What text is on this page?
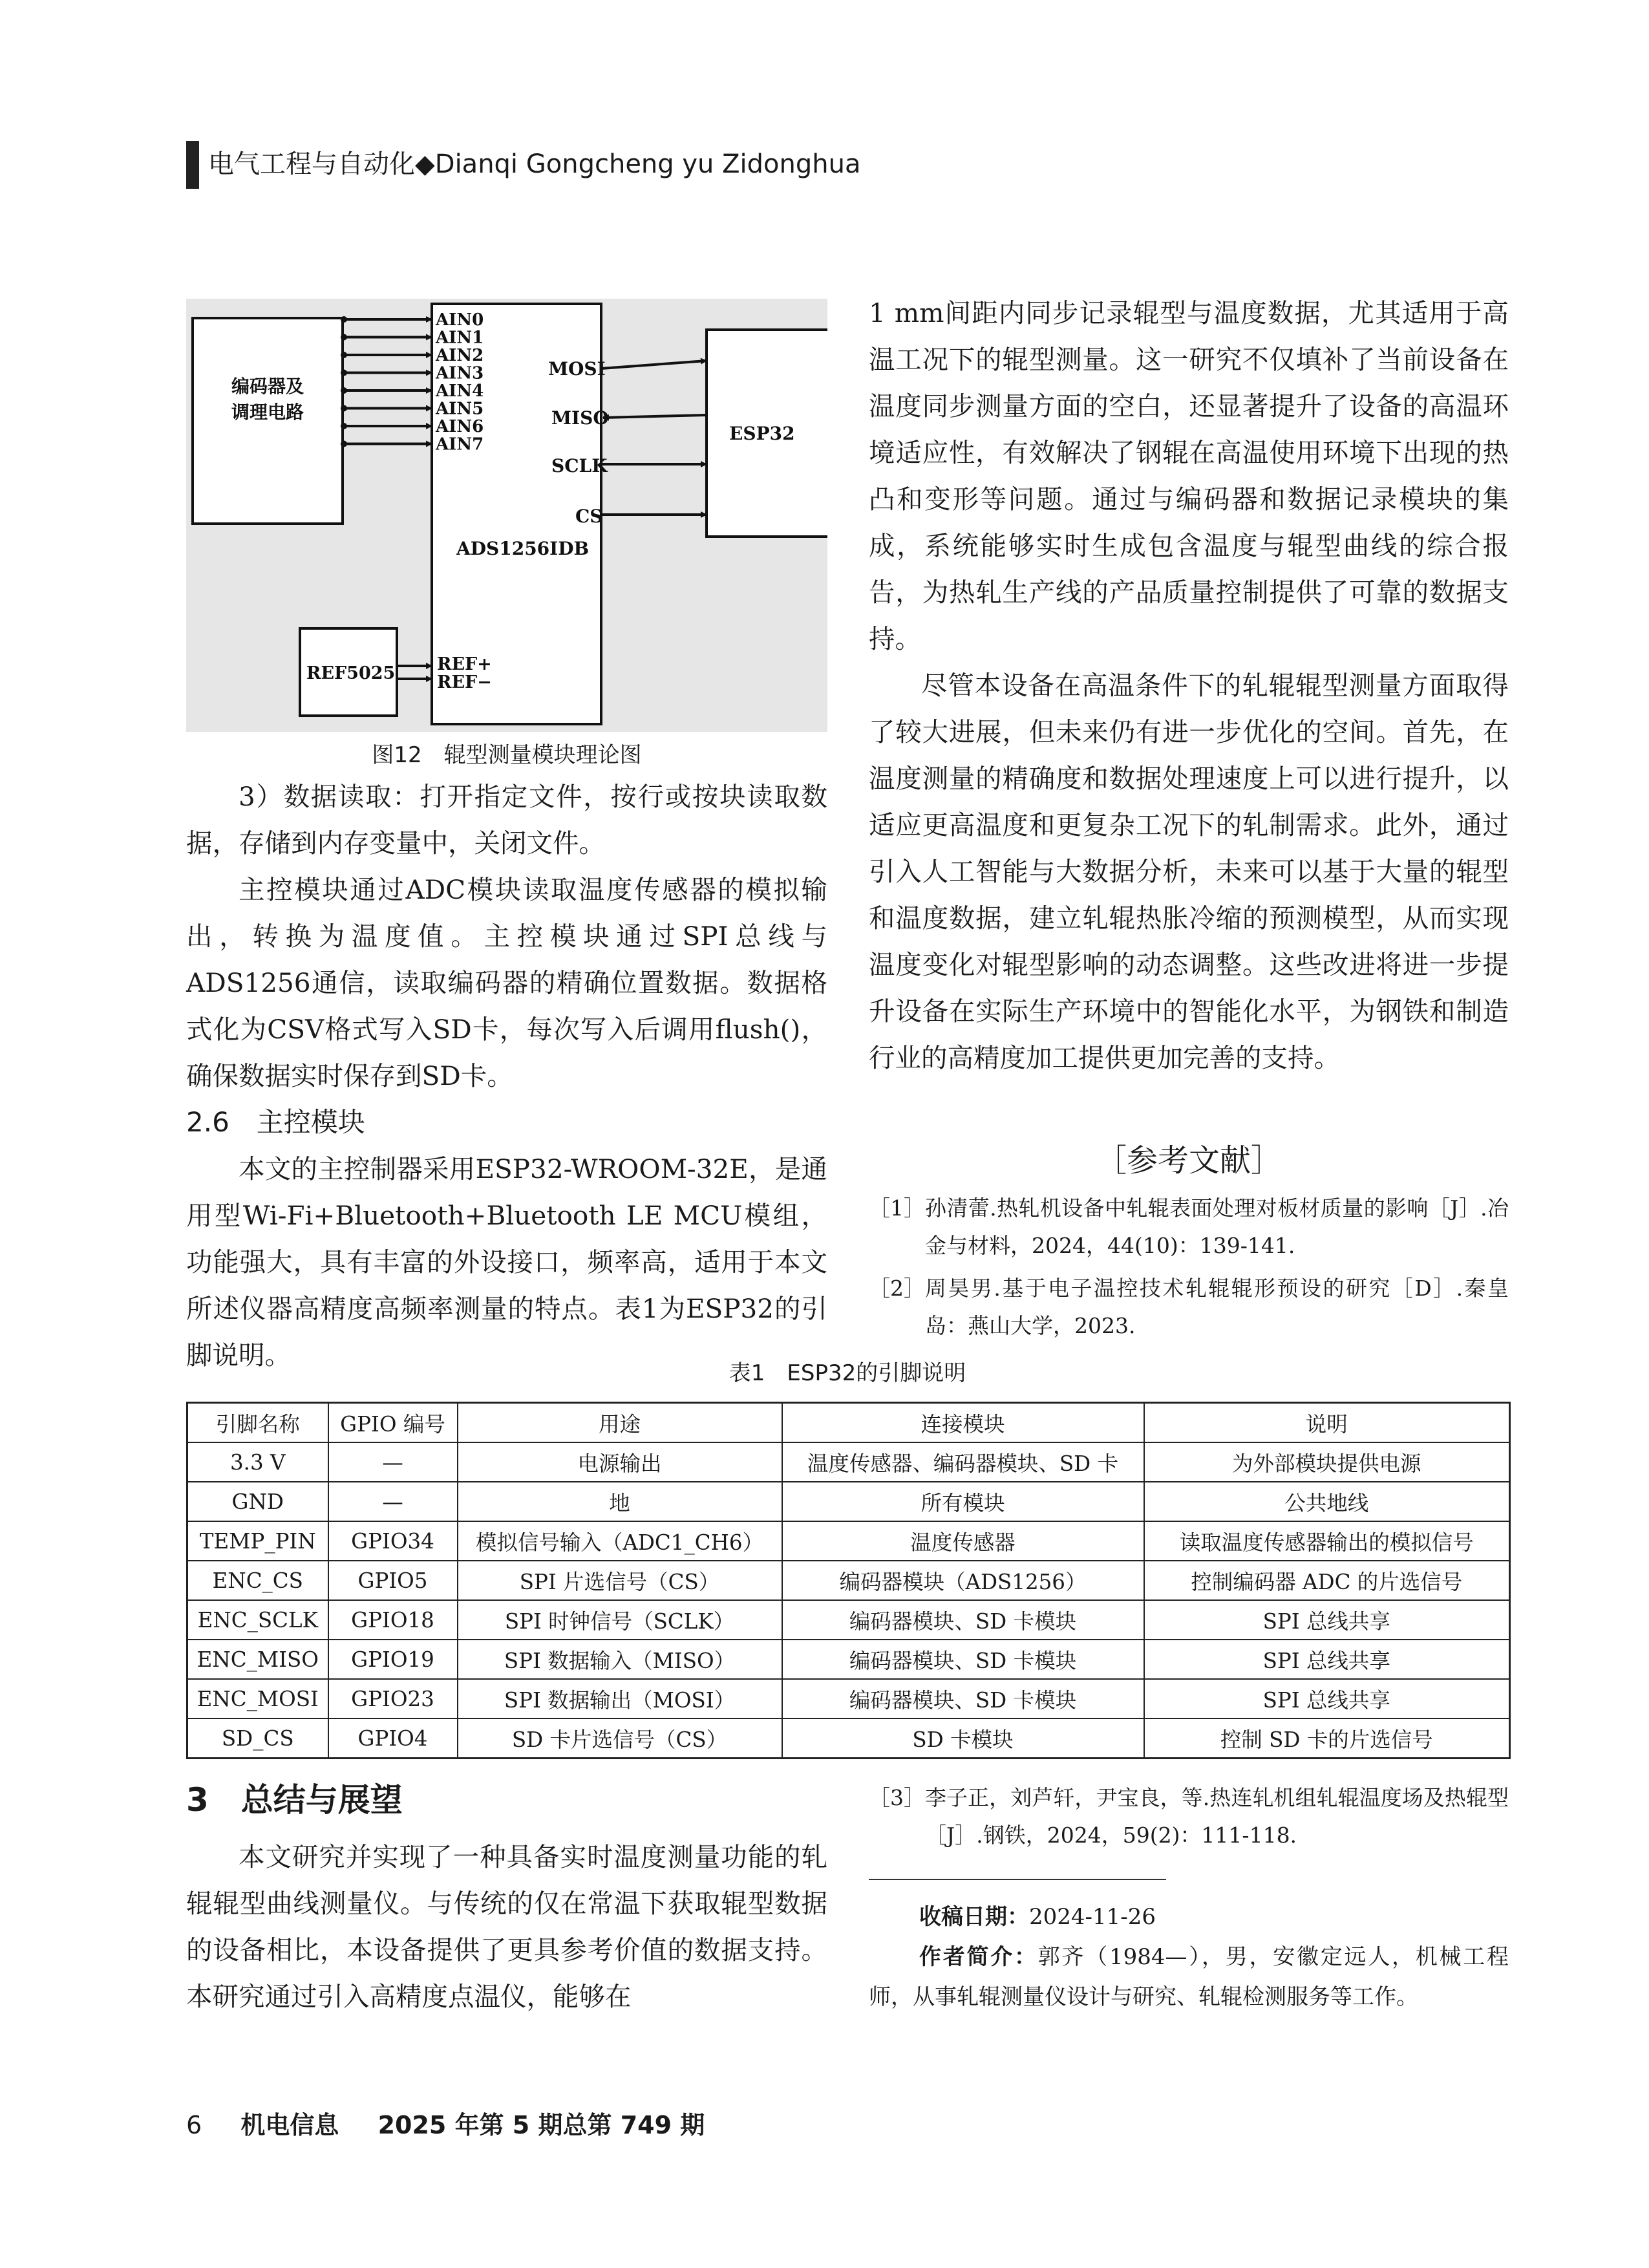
电气工程与自动化◆Dianqi Gongcheng yu Zidonghua
编码器及
调理电路
ESP32
REF5025
AIN0
AIN1
AIN2
AIN3
AIN4
AIN5
AIN6
AIN7
MOSI
MISO
SCLK
CS
ADS1256IDB
REF+
REF−
图12　辊型测量模块理论图

3）数据读取：打开指定文件，按行或按块读取数据，存储到内存变量中，关闭文件。

主控模块通过ADC模块读取温度传感器的模拟输出，转换为温度值。主控模块通过SPI总线与ADS1256通信，读取编码器的精确位置数据。数据格式化为CSV格式写入SD卡，每次写入后调用flush()，确保数据实时保存到SD卡。

2.6　主控模块

本文的主控制器采用ESP32-WROOM-32E，是通用型Wi-Fi+Bluetooth+Bluetooth LE MCU模组，功能强大，具有丰富的外设接口，频率高，适用于本文所述仪器高精度高频率测量的特点。表1为ESP32的引脚说明。

1 mm间距内同步记录辊型与温度数据，尤其适用于高温工况下的辊型测量。这一研究不仅填补了当前设备在温度同步测量方面的空白，还显著提升了设备的高温环境适应性，有效解决了钢辊在高温使用环境下出现的热凸和变形等问题。通过与编码器和数据记录模块的集成，系统能够实时生成包含温度与辊型曲线的综合报告，为热轧生产线的产品质量控制提供了可靠的数据支持。

尽管本设备在高温条件下的轧辊辊型测量方面取得了较大进展，但未来仍有进一步优化的空间。首先，在温度测量的精确度和数据处理速度上可以进行提升，以适应更高温度和更复杂工况下的轧制需求。此外，通过引入人工智能与大数据分析，未来可以基于大量的辊型和温度数据，建立轧辊热胀冷缩的预测模型，从而实现温度变化对辊型影响的动态调整。这些改进将进一步提升设备在实际生产环境中的智能化水平，为钢铁和制造行业的高精度加工提供更加完善的支持。

［参考文献］
［1］ 孙清蕾.热轧机设备中轧辊表面处理对板材质量的影响［J］.冶金与材料，2024，44(10)：139-141.
［2］ 周昊男.基于电子温控技术轧辊辊形预设的研究［D］.秦皇岛：燕山大学，2023.
表1　ESP32的引脚说明
引脚名称	GPIO 编号	用途	连接模块	说明
3.3 V	—	电源输出	温度传感器、编码器模块、SD 卡	为外部模块提供电源
GND	—	地	所有模块	公共地线
TEMP_PIN	GPIO34	模拟信号输入（ADC1_CH6）	温度传感器	读取温度传感器输出的模拟信号
ENC_CS	GPIO5	SPI 片选信号（CS）	编码器模块（ADS1256）	控制编码器 ADC 的片选信号
ENC_SCLK	GPIO18	SPI 时钟信号（SCLK）	编码器模块、SD 卡模块	SPI 总线共享
ENC_MISO	GPIO19	SPI 数据输入（MISO）	编码器模块、SD 卡模块	SPI 总线共享
ENC_MOSI	GPIO23	SPI 数据输出（MOSI）	编码器模块、SD 卡模块	SPI 总线共享
SD_CS	GPIO4	SD 卡片选信号（CS）	SD 卡模块	控制 SD 卡的片选信号
3　总结与展望

本文研究并实现了一种具备实时温度测量功能的轧辊辊型曲线测量仪。与传统的仅在常温下获取辊型数据的设备相比，本设备提供了更具参考价值的数据支持。本研究通过引入高精度点温仪，能够在

［3］ 李子正，刘芦轩，尹宝良，等.热连轧机组轧辊温度场及热辊型［J］.钢铁，2024，59(2)：111-118.
收稿日期：2024-11-26
作者简介：郭齐（1984—），男，安徽定远人，机械工程师，从事轧辊测量仪设计与研究、轧辊检测服务等工作。
6 机电信息 2025 年第 5 期总第 749 期
